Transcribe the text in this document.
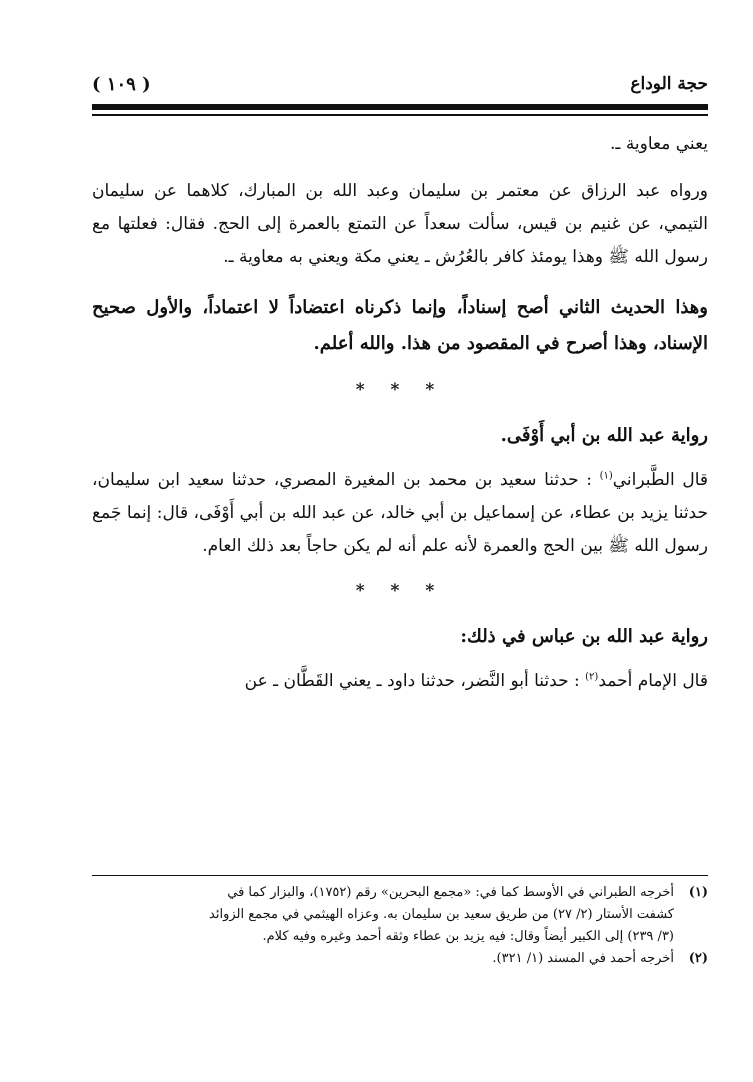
( ١٠٩ )	حجة الوداع

يعني معاوية ـ.

ورواه عبد الرزاق عن معتمر بن سليمان وعبد الله بن المبارك، كلاهما عن سليمان التيمي، عن غنيم بن قيس، سألت سعداً عن التمتع بالعمرة إلى الحج. فقال: فعلتها مع رسول الله ﷺ وهذا يومئذ كافر بالعُرُش ـ يعني مكة ويعني به معاوية ـ.

وهذا الحديث الثاني أصح إسناداً، وإنما ذكرناه اعتضاداً لا اعتماداً، والأول صحيح الإسناد، وهذا أصرح في المقصود من هذا. والله أعلم.

* * *

رواية عبد الله بن أبي أَوْفَى.

قال الطَّبراني$^{(١)}$ : حدثنا سعيد بن محمد بن المغيرة المصري، حدثنا سعيد ابن سليمان، حدثنا يزيد بن عطاء، عن إسماعيل بن أبي خالد، عن عبد الله بن أبي أَوْفَى، قال: إنما جَمع رسول الله ﷺ بين الحج والعمرة لأنه علم أنه لم يكن حاجاً بعد ذلك العام.

* * *

رواية عبد الله بن عباس في ذلك:

قال الإمام أحمد$^{(٢)}$ : حدثنا أبو النَّضر، حدثنا داود ـ يعني القَطَّان ـ عن

(١)أخرجه الطبراني في الأوسط كما في: «مجمع البحرين» رقم (١٧٥٢)، والبزار كما في

كشفت الأستار (٢/ ٢٧) من طريق سعيد بن سليمان به. وعزاه الهيثمي في مجمع الزوائد

(٣/ ٢٣٩) إلى الكبير أيضاً وقال: فيه يزيد بن عطاء وثقه أحمد وغيره وفيه كلام.

(٢)أخرجه أحمد في المسند (١/ ٣٢١).
